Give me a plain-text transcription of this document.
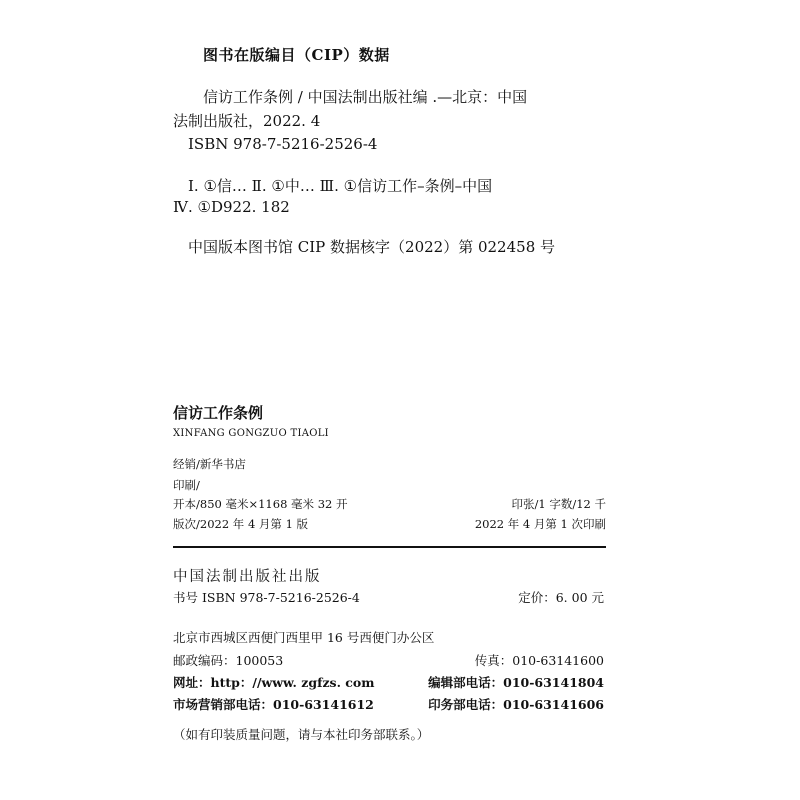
图书在版编目（CIP）数据
信访工作条例 / 中国法制出版社编 .—北京：中国
法制出版社，2022. 4
ISBN 978-7-5216-2526-4
Ⅰ. ①信… Ⅱ. ①中… Ⅲ. ①信访工作–条例–中国
Ⅳ. ①D922. 182
中国版本图书馆 CIP 数据核字（2022）第 022458 号
信访工作条例
XINFANG GONGZUO TIAOLI
经销/新华书店
印刷/
开本/850 毫米×1168 毫米 32 开	印张/1 字数/12 千
版次/2022 年 4 月第 1 版	2022 年 4 月第 1 次印刷
中国法制出版社出版
书号 ISBN 978-7-5216-2526-4	定价：6. 00 元
北京市西城区西便门西里甲 16 号西便门办公区
邮政编码：100053	传真：010-63141600
网址：http：//www. zgfzs. com	编辑部电话：010-63141804
市场营销部电话：010-63141612	印务部电话：010-63141606
（如有印装质量问题，请与本社印务部联系。）
